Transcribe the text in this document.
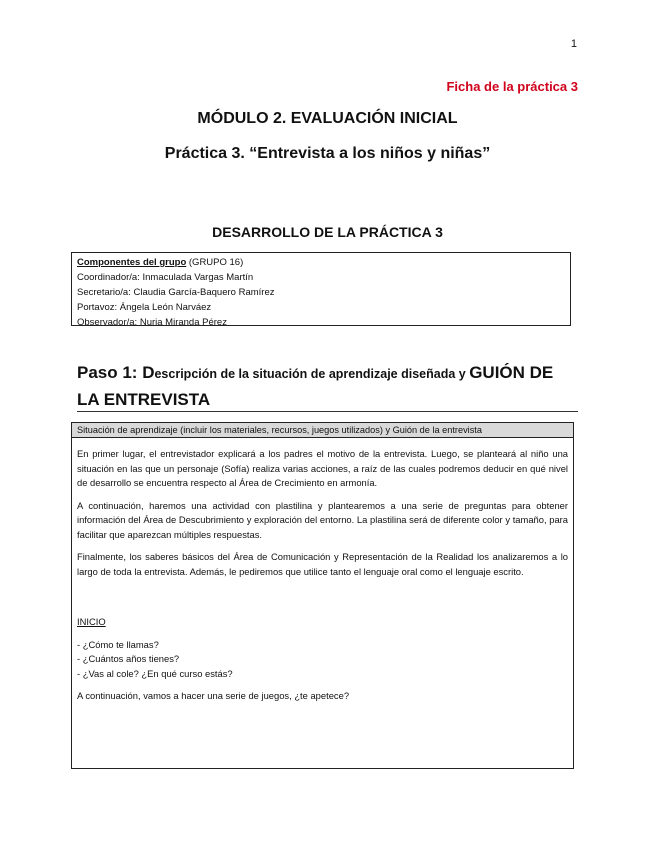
1
Ficha de la práctica 3
MÓDULO 2. EVALUACIÓN INICIAL
Práctica 3. “Entrevista a los niños y niñas”
DESARROLLO DE LA PRÁCTICA 3
Componentes del grupo (GRUPO 16)
Coordinador/a: Inmaculada Vargas Martín
Secretario/a: Claudia García-Baquero Ramírez
Portavoz: Ángela León Narváez
Observador/a: Nuria Miranda Pérez
Paso 1: Descripción de la situación de aprendizaje diseñada y GUIÓN DE LA ENTREVISTA
Situación de aprendizaje (incluir los materiales, recursos, juegos utilizados) y Guión de la entrevista

En primer lugar, el entrevistador explicará a los padres el motivo de la entrevista. Luego, se planteará al niño una situación en las que un personaje (Sofía) realiza varias acciones, a raíz de las cuales podremos deducir en qué nivel de desarrollo se encuentra respecto al Área de Crecimiento en armonía.

A continuación, haremos una actividad con plastilina y plantearemos a una serie de preguntas para obtener información del Área de Descubrimiento y exploración del entorno. La plastilina será de diferente color y tamaño, para facilitar que aparezcan múltiples respuestas.

Finalmente, los saberes básicos del Área de Comunicación y Representación de la Realidad los analizaremos a lo largo de toda la entrevista. Además, le pediremos que utilice tanto el lenguaje oral como el lenguaje escrito.

INICIO
- ¿Cómo te llamas?
- ¿Cuántos años tienes?
- ¿Vas al cole? ¿En qué curso estás?

A continuación, vamos a hacer una serie de juegos, ¿te apetece?
